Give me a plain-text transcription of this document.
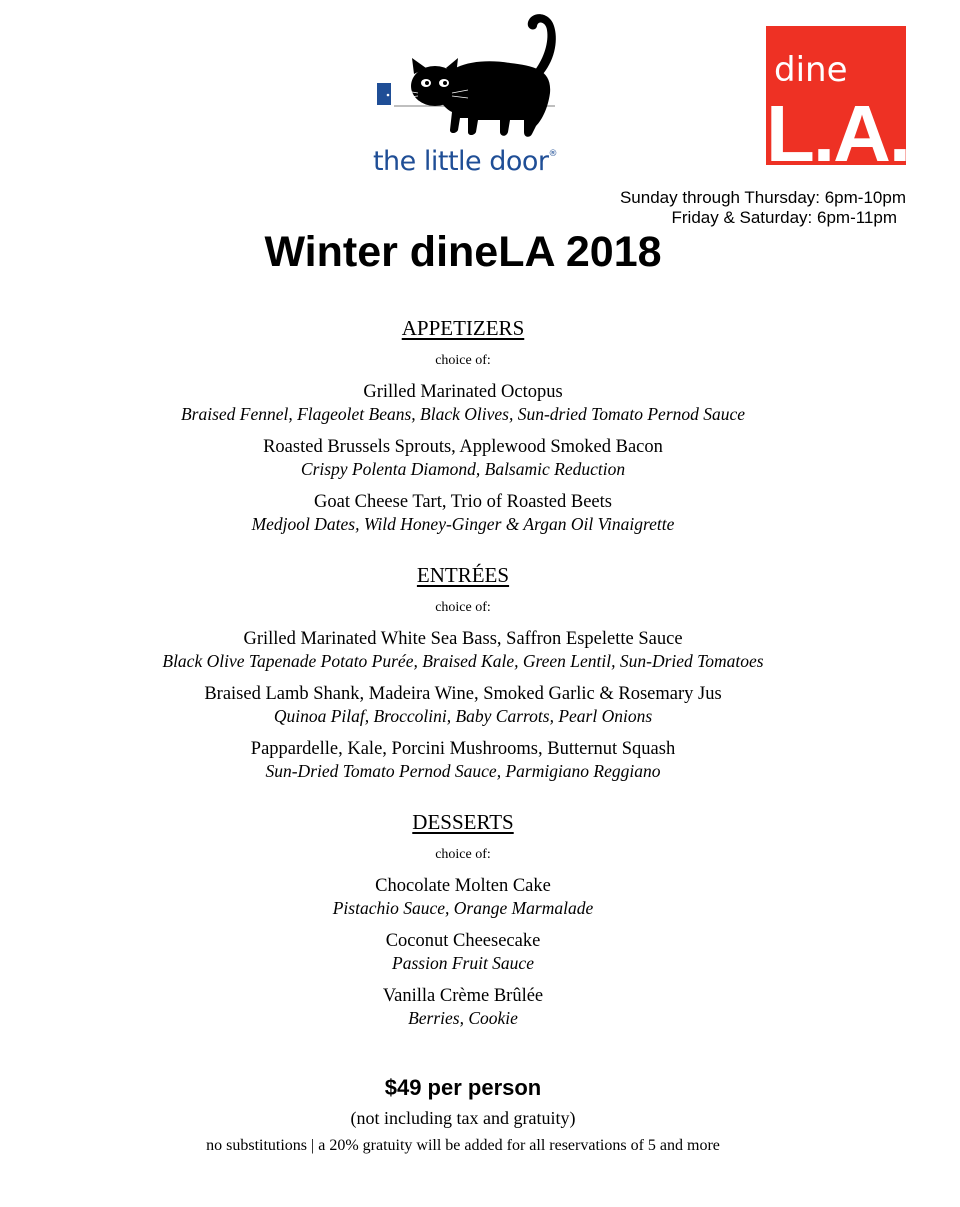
the little door®
dine
L.A.
Sunday through Thursday: 6pm-10pm
Friday & Saturday: 6pm-11pm
Winter dineLA 2018
APPETIZERS
choice of:
Grilled Marinated Octopus
Braised Fennel, Flageolet Beans, Black Olives, Sun-dried Tomato Pernod Sauce
Roasted Brussels Sprouts, Applewood Smoked Bacon
Crispy Polenta Diamond, Balsamic Reduction
Goat Cheese Tart, Trio of Roasted Beets
Medjool Dates, Wild Honey-Ginger & Argan Oil Vinaigrette
ENTRÉES
choice of:
Grilled Marinated White Sea Bass, Saffron Espelette Sauce
Black Olive Tapenade Potato Purée, Braised Kale, Green Lentil, Sun-Dried Tomatoes
Braised Lamb Shank, Madeira Wine, Smoked Garlic & Rosemary Jus
Quinoa Pilaf, Broccolini, Baby Carrots, Pearl Onions
Pappardelle, Kale, Porcini Mushrooms, Butternut Squash
Sun-Dried Tomato Pernod Sauce, Parmigiano Reggiano
DESSERTS
choice of:
Chocolate Molten Cake
Pistachio Sauce, Orange Marmalade
Coconut Cheesecake
Passion Fruit Sauce
Vanilla Crème Brûlée
Berries, Cookie
$49 per person
(not including tax and gratuity)
no substitutions | a 20% gratuity will be added for all reservations of 5 and more
